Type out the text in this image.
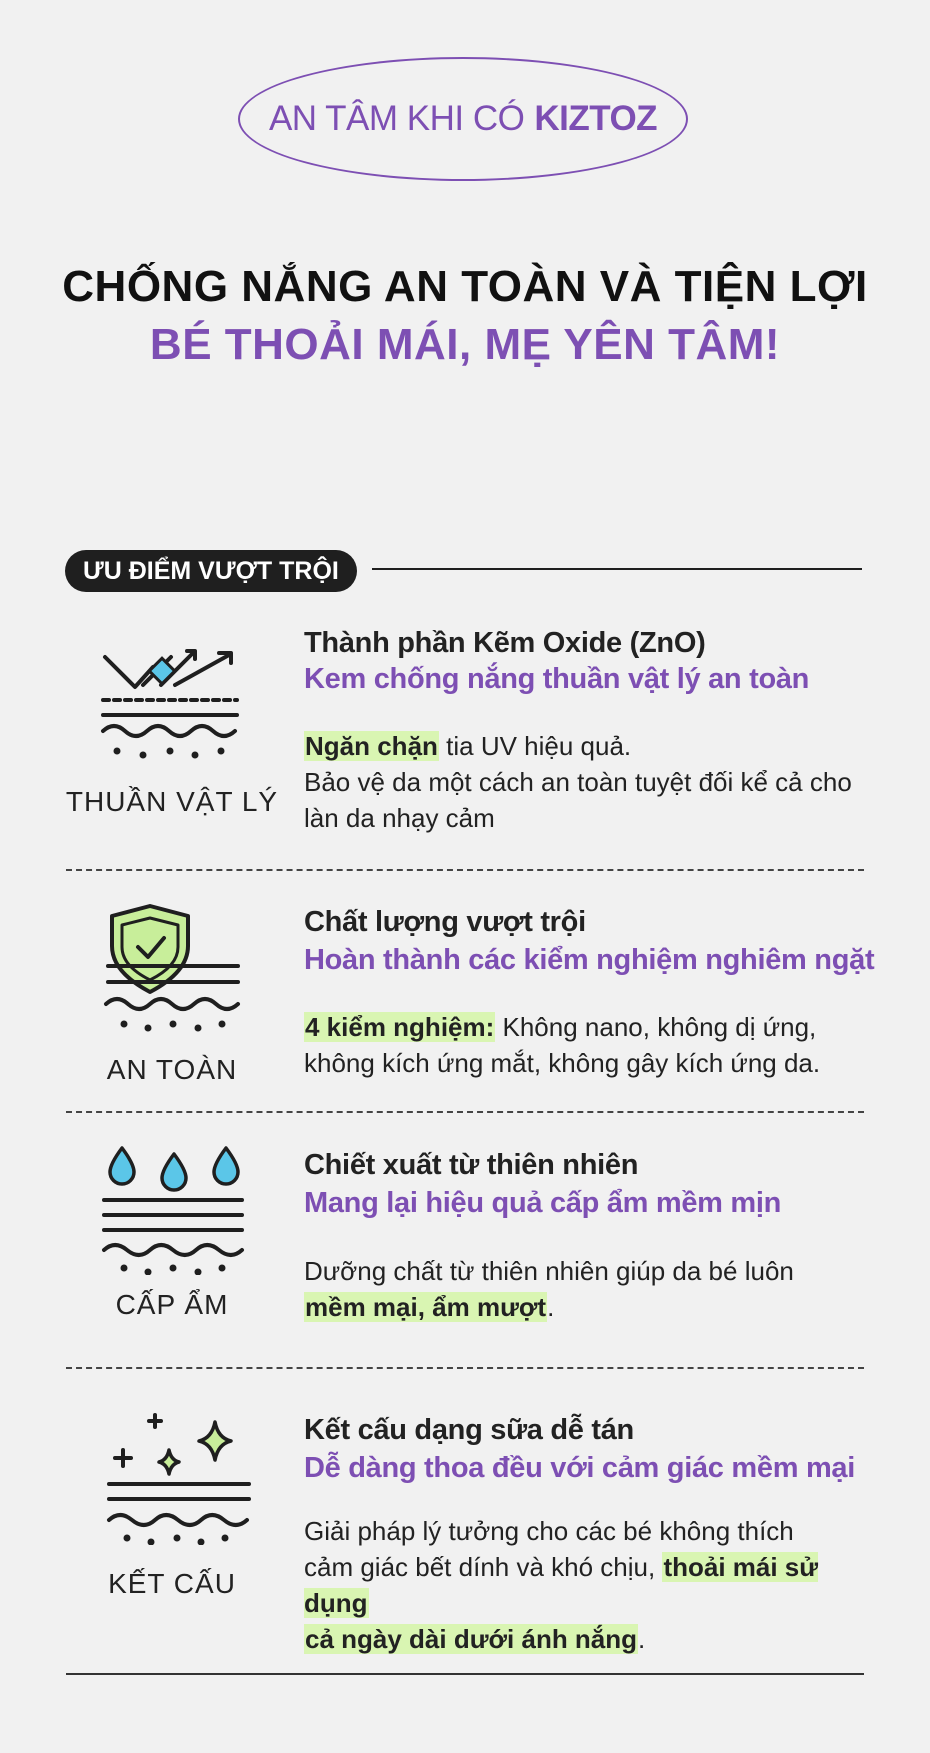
AN TÂM KHI CÓ KIZTOZ
CHỐNG NẮNG AN TOÀN VÀ TIỆN LỢI
BÉ THOẢI MÁI, MẸ YÊN TÂM!
ƯU ĐIỂM VƯỢT TRỘI
THUẦN VẬT LÝ
Thành phần Kẽm Oxide (ZnO)
Kem chống nắng thuần vật lý an toàn
Ngăn chặn tia UV hiệu quả.
Bảo vệ da một cách an toàn tuyệt đối kể cả cho
làn da nhạy cảm
AN TOÀN
Chất lượng vượt trội
Hoàn thành các kiểm nghiệm nghiêm ngặt
4 kiểm nghiệm: Không nano, không dị ứng,
không kích ứng mắt, không gây kích ứng da.
CẤP ẨM
Chiết xuất từ thiên nhiên
Mang lại hiệu quả cấp ẩm mềm mịn
Dưỡng chất từ thiên nhiên giúp da bé luôn
mềm mại, ẩm mượt.
KẾT CẤU
Kết cấu dạng sữa dễ tán
Dễ dàng thoa đều với cảm giác mềm mại
Giải pháp lý tưởng cho các bé không thích
cảm giác bết dính và khó chịu, thoải mái sử dụng
cả ngày dài dưới ánh nắng.
